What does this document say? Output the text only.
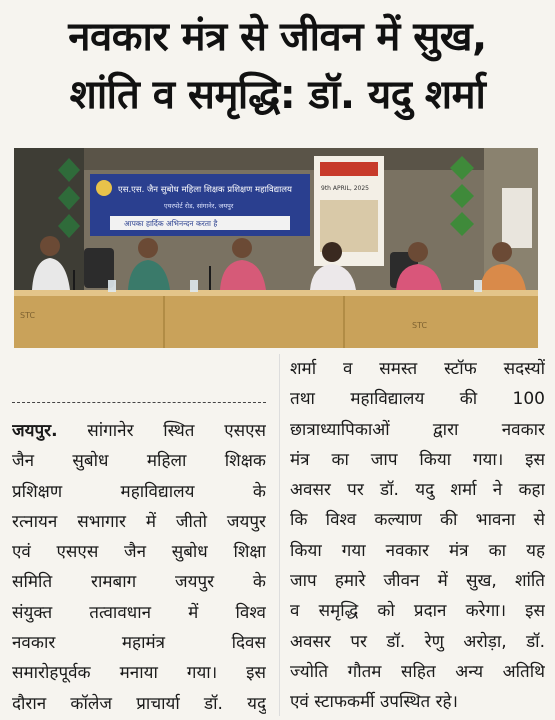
नवकार मंत्र से जीवन में सुख,
शांति व समृद्धि: डॉ. यदु शर्मा
एस.एस. जैन सुबोध महिला शिक्षक प्रशिक्षण महाविद्यालय
एयरपोर्ट रोड, सांगानेर, जयपुर
आपका हार्दिक अभिनन्दन करता है
9th APRIL, 2025
STC
STC
जयपुर. सांगानेर स्थित एसएस
जैन सुबोध महिला शिक्षक
प्रशिक्षण महाविद्यालय के
रत्नायन सभागार में जीतो जयपुर
एवं एसएस जैन सुबोध शिक्षा
समिति रामबाग जयपुर के
संयुक्त तत्वावधान में विश्व
नवकार महामंत्र दिवस
समारोहपूर्वक मनाया गया। इस
दौरान कॉलेज प्राचार्या डॉ. यदु
शर्मा व समस्त स्टॉफ सदस्यों
तथा महाविद्यालय की 100
छात्राध्यापिकाओं द्वारा नवकार
मंत्र का जाप किया गया। इस
अवसर पर डॉ. यदु शर्मा ने कहा
कि विश्व कल्याण की भावना से
किया गया नवकार मंत्र का यह
जाप हमारे जीवन में सुख, शांति
व समृद्धि को प्रदान करेगा। इस
अवसर पर डॉ. रेणु अरोड़ा, डॉ.
ज्योति गौतम सहित अन्य अतिथि
एवं स्टाफकर्मी उपस्थित रहे।
